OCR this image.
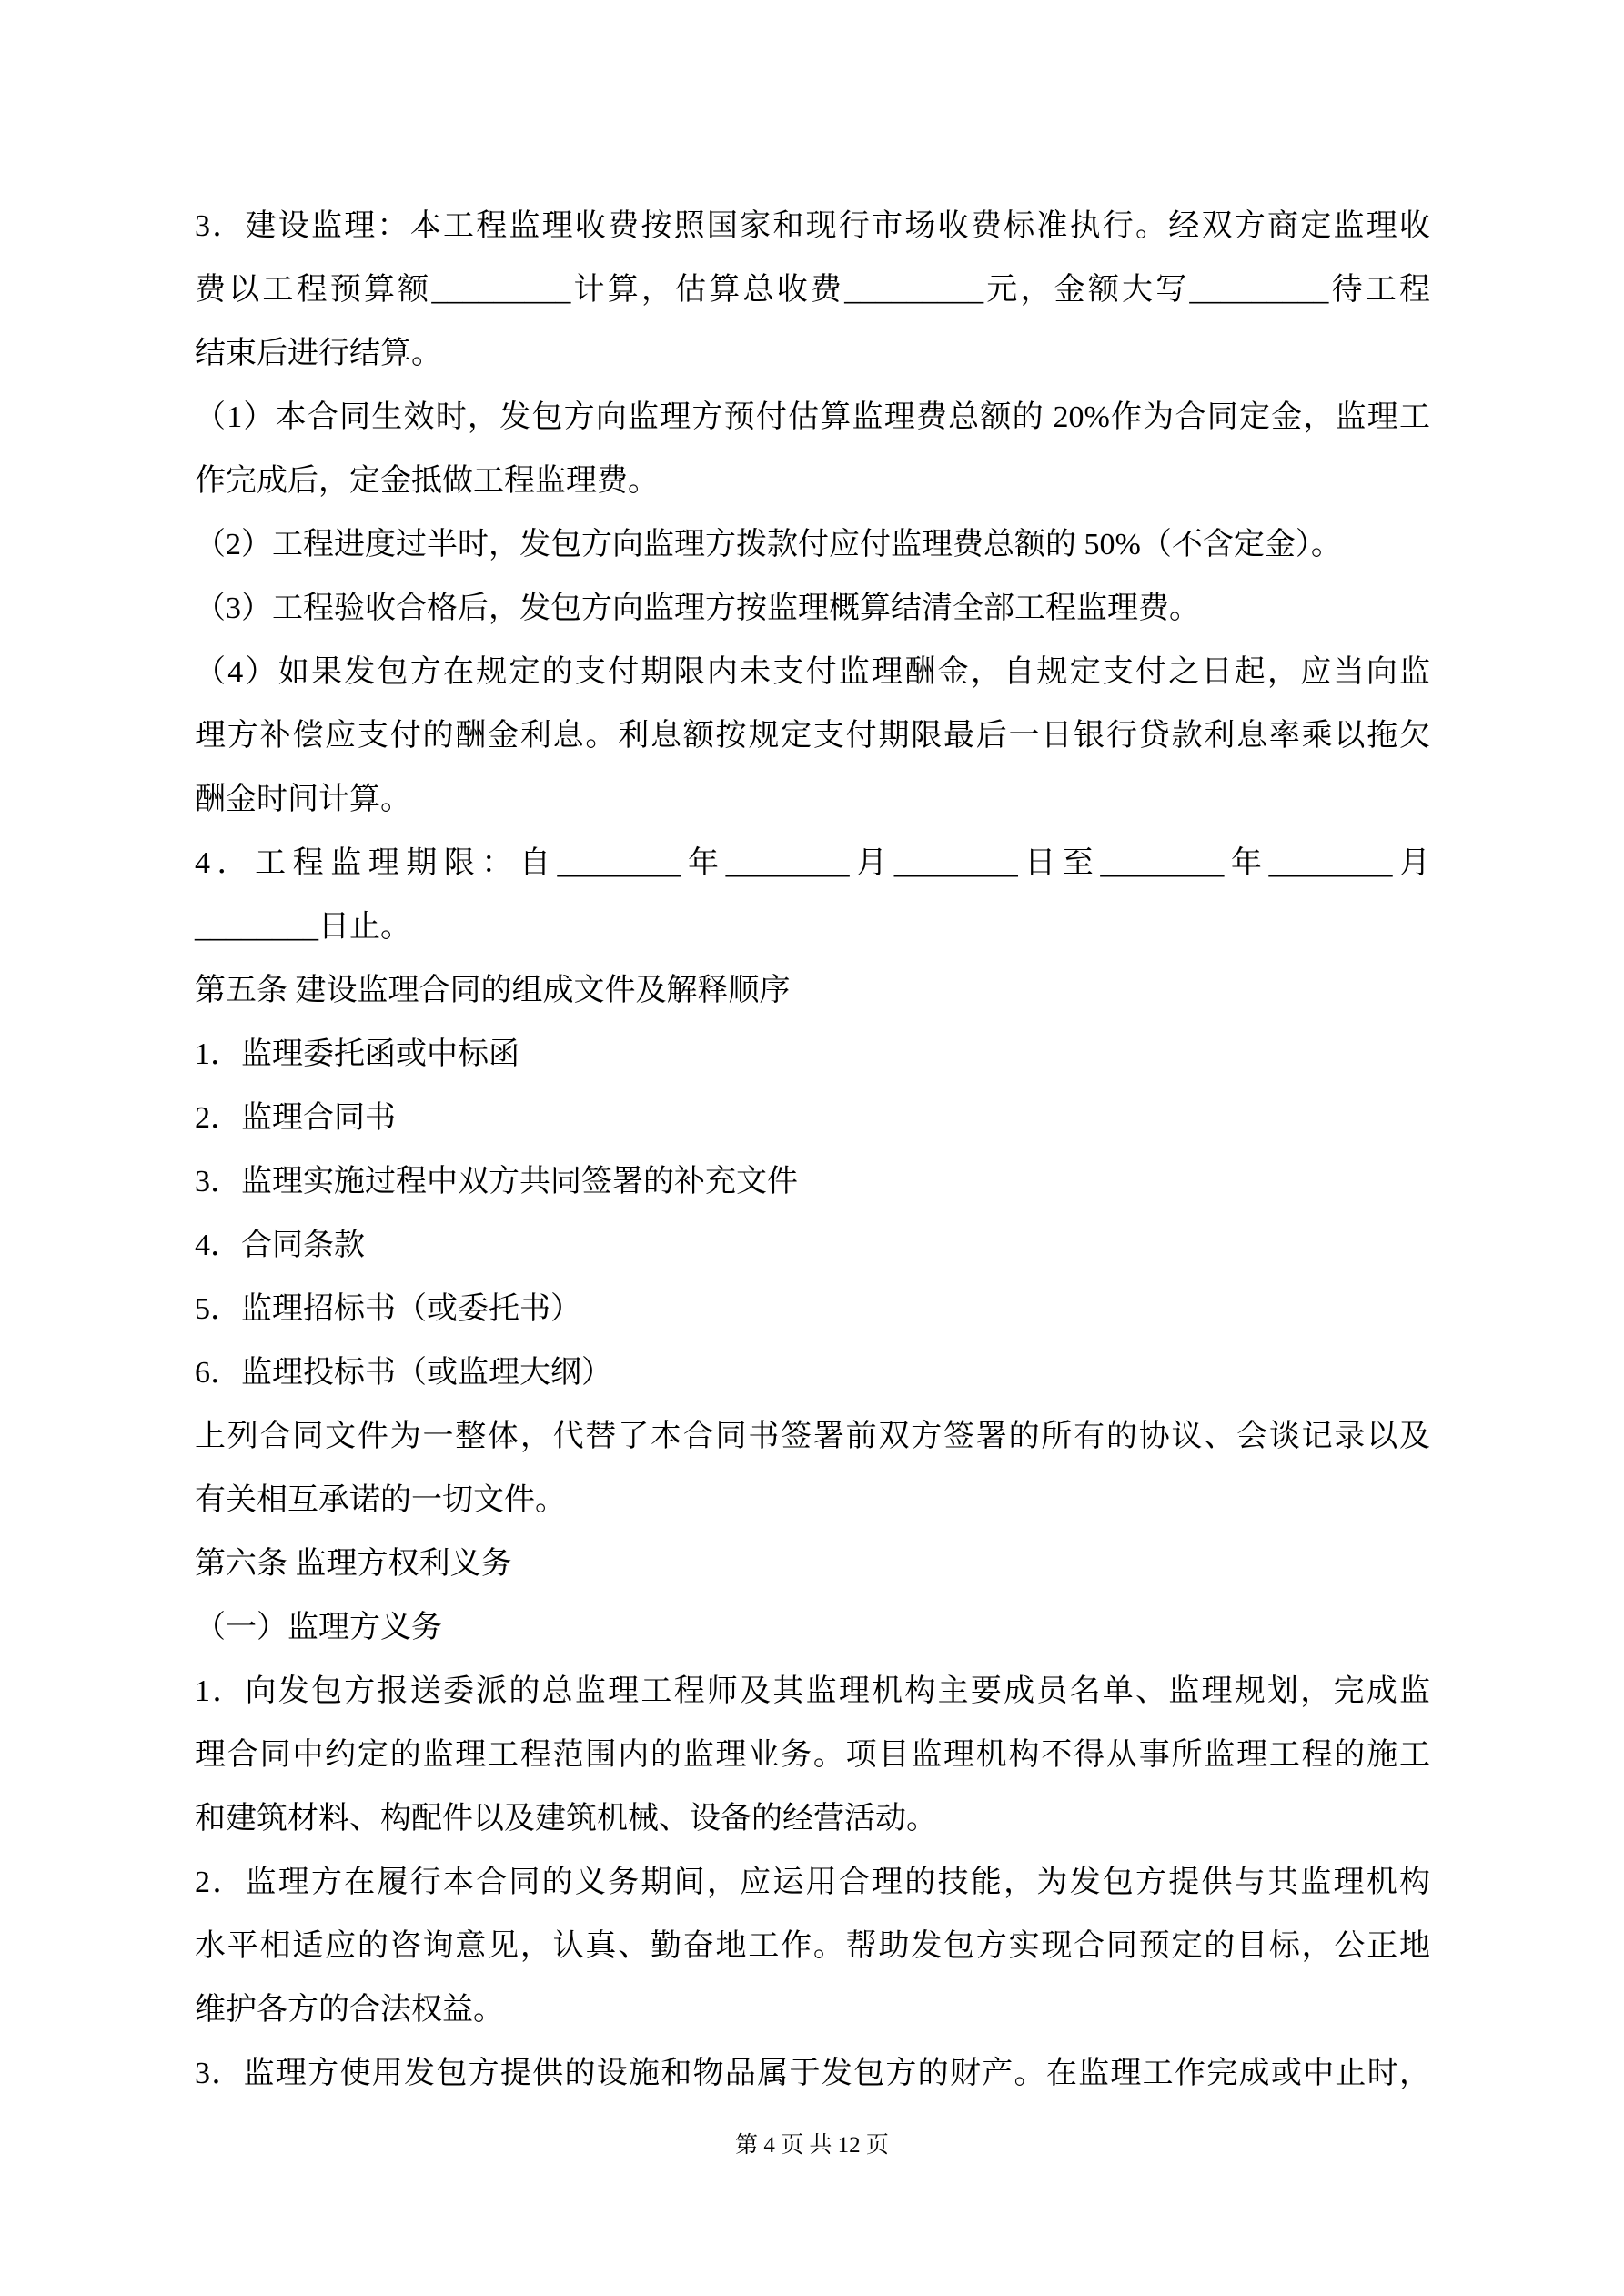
3．建设监理：本工程监理收费按照国家和现行市场收费标准执行。经双方商定监理收
费以工程预算额_________计算，估算总收费_________元，金额大写_________待工程
结束后进行结算。
（1）本合同生效时，发包方向监理方预付估算监理费总额的 20%作为合同定金，监理工
作完成后，定金抵做工程监理费。
（2）工程进度过半时，发包方向监理方拨款付应付监理费总额的 50%（不含定金）。
（3）工程验收合格后，发包方向监理方按监理概算结清全部工程监理费。
（4）如果发包方在规定的支付期限内未支付监理酬金，自规定支付之日起，应当向监
理方补偿应支付的酬金利息。利息额按规定支付期限最后一日银行贷款利息率乘以拖欠
酬金时间计算。
4．工程监理期限：自________年________月________日至________年________月
________日止。
第五条 建设监理合同的组成文件及解释顺序
1．监理委托函或中标函
2．监理合同书
3．监理实施过程中双方共同签署的补充文件
4．合同条款
5．监理招标书（或委托书）
6．监理投标书（或监理大纲）
上列合同文件为一整体，代替了本合同书签署前双方签署的所有的协议、会谈记录以及
有关相互承诺的一切文件。
第六条 监理方权利义务
（一）监理方义务
1．向发包方报送委派的总监理工程师及其监理机构主要成员名单、监理规划，完成监
理合同中约定的监理工程范围内的监理业务。项目监理机构不得从事所监理工程的施工
和建筑材料、构配件以及建筑机械、设备的经营活动。
2．监理方在履行本合同的义务期间，应运用合理的技能，为发包方提供与其监理机构
水平相适应的咨询意见，认真、勤奋地工作。帮助发包方实现合同预定的目标，公正地
维护各方的合法权益。
3．监理方使用发包方提供的设施和物品属于发包方的财产。在监理工作完成或中止时，
第 4 页 共 12 页
